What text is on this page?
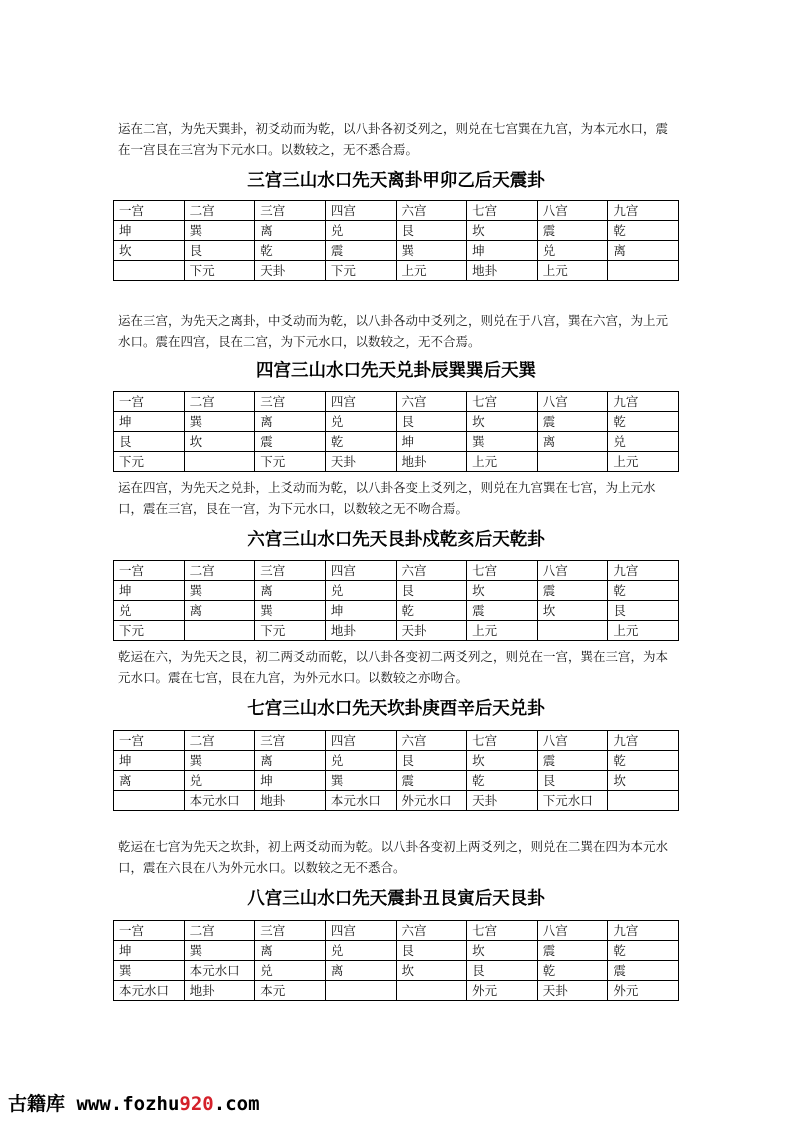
运在二宫，为先天巽卦，初爻动而为乾，以八卦各初爻列之，则兑在七宫巽在九宫，为本元水口，震在一宫艮在三宫为下元水口。以数较之，无不悉合焉。
三宫三山水口先天离卦甲卯乙后天震卦
一宫	二宫	三宫	四宫	六宫	七宫	八宫	九宫
坤	巽	离	兑	艮	坎	震	乾
坎	艮	乾	震	巽	坤	兑	离
	下元	天卦	下元	上元	地卦	上元	
运在三宫，为先天之离卦，中爻动而为乾，以八卦各动中爻列之，则兑在于八宫，巽在六宫，为上元水口。震在四宫，艮在二宫，为下元水口，以数较之，无不合焉。
四宫三山水口先天兑卦辰巽巽后天巽
一宫	二宫	三宫	四宫	六宫	七宫	八宫	九宫
坤	巽	离	兑	艮	坎	震	乾
艮	坎	震	乾	坤	巽	离	兑
下元		下元	天卦	地卦	上元		上元
运在四宫，为先天之兑卦，上爻动而为乾，以八卦各变上爻列之，则兑在九宫巽在七宫，为上元水口，震在三宫，艮在一宫，为下元水口，以数较之无不吻合焉。
六宫三山水口先天艮卦戍乾亥后天乾卦
一宫	二宫	三宫	四宫	六宫	七宫	八宫	九宫
坤	巽	离	兑	艮	坎	震	乾
兑	离	巽	坤	乾	震	坎	艮
下元		下元	地卦	天卦	上元		上元
乾运在六，为先天之艮，初二两爻动而乾，以八卦各变初二两爻列之，则兑在一宫，巽在三宫，为本元水口。震在七宫，艮在九宫，为外元水口。以数较之亦吻合。
七宫三山水口先天坎卦庚酉辛后天兑卦
一宫	二宫	三宫	四宫	六宫	七宫	八宫	九宫
坤	巽	离	兑	艮	坎	震	乾
离	兑	坤	巽	震	乾	艮	坎
	本元水口	地卦	本元水口	外元水口	天卦	下元水口	
乾运在七宫为先天之坎卦，初上两爻动而为乾。以八卦各变初上两爻列之，则兑在二巽在四为本元水口，震在六艮在八为外元水口。以数较之无不悉合。
八宫三山水口先天震卦丑艮寅后天艮卦
一宫	二宫	三宫	四宫	六宫	七宫	八宫	九宫
坤	巽	离	兑	艮	坎	震	乾
巽	本元水口	兑	离	坎	艮	乾	震
本元水口	地卦	本元			外元	天卦	外元
古籍库 www.fozhu920.com
